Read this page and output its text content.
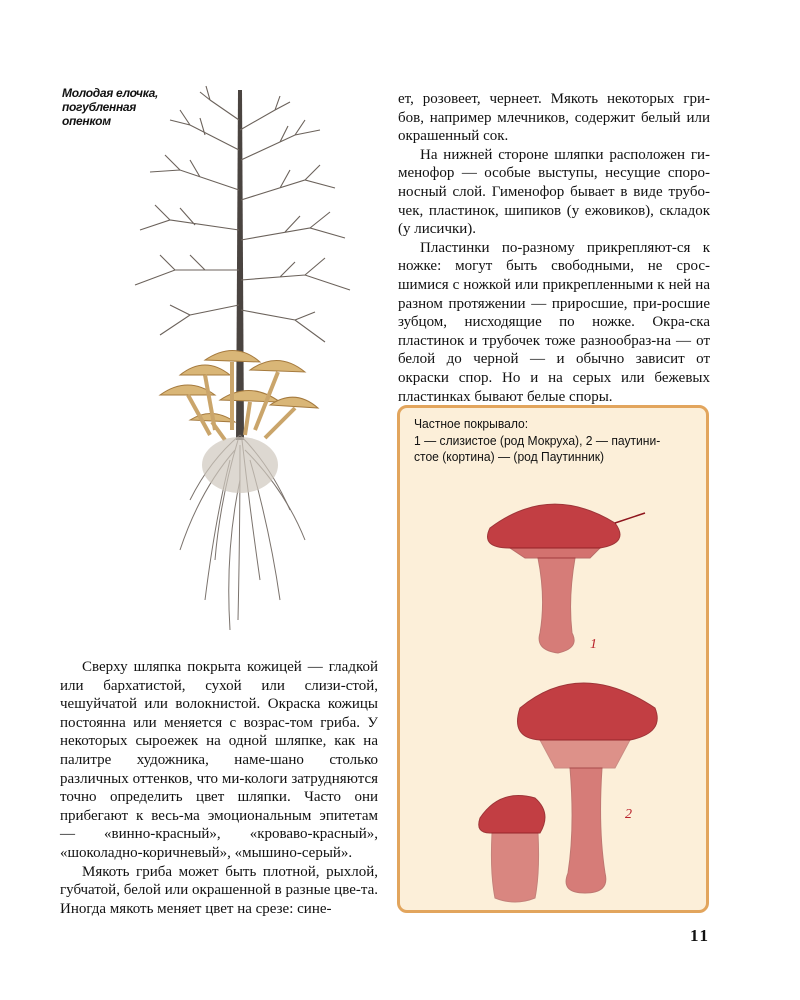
Молодая елочка,
погубленная
опенком

ет, розовеет, чернеет. Мякоть некоторых гри-бов, например млечников, содержит белый или окрашенный сок.

На нижней стороне шляпки расположен ги-менофор — особые выступы, несущие споро-носный слой. Гименофор бывает в виде трубо-чек, пластинок, шипиков (у ежовиков), складок (у лисички).

Пластинки по-разному прикрепляют-ся к ножке: могут быть свободными, не срос-шимися с ножкой или прикрепленными к ней на разном протяжении — приросшие, при-росшие зубцом, нисходящие по ножке. Окра-ска пластинок и трубочек тоже разнообраз-на — от белой до черной — и обычно зависит от окраски спор. Но и на серых или бежевых пластинках бывают белые споры.

Частное покрывало:
1 — слизистое (род Мокруха), 2 — паутини-
стое (кортина) — (род Паутинник)
1
2

Сверху шляпка покрыта кожицей — гладкой или бархатистой, сухой или слизи-стой, чешуйчатой или волокнистой. Окраска кожицы постоянна или меняется с возрас-том гриба. У некоторых сыроежек на одной шляпке, как на палитре художника, наме-шано столько различных оттенков, что ми-кологи затрудняются точно определить цвет шляпки. Часто они прибегают к весь-ма эмоциональным эпитетам — «винно-красный», «кроваво-красный», «шоколадно-коричневый», «мышино-серый».

Мякоть гриба может быть плотной, рыхлой, губчатой, белой или окрашенной в разные цве-та. Иногда мякоть меняет цвет на срезе: сине-

11
